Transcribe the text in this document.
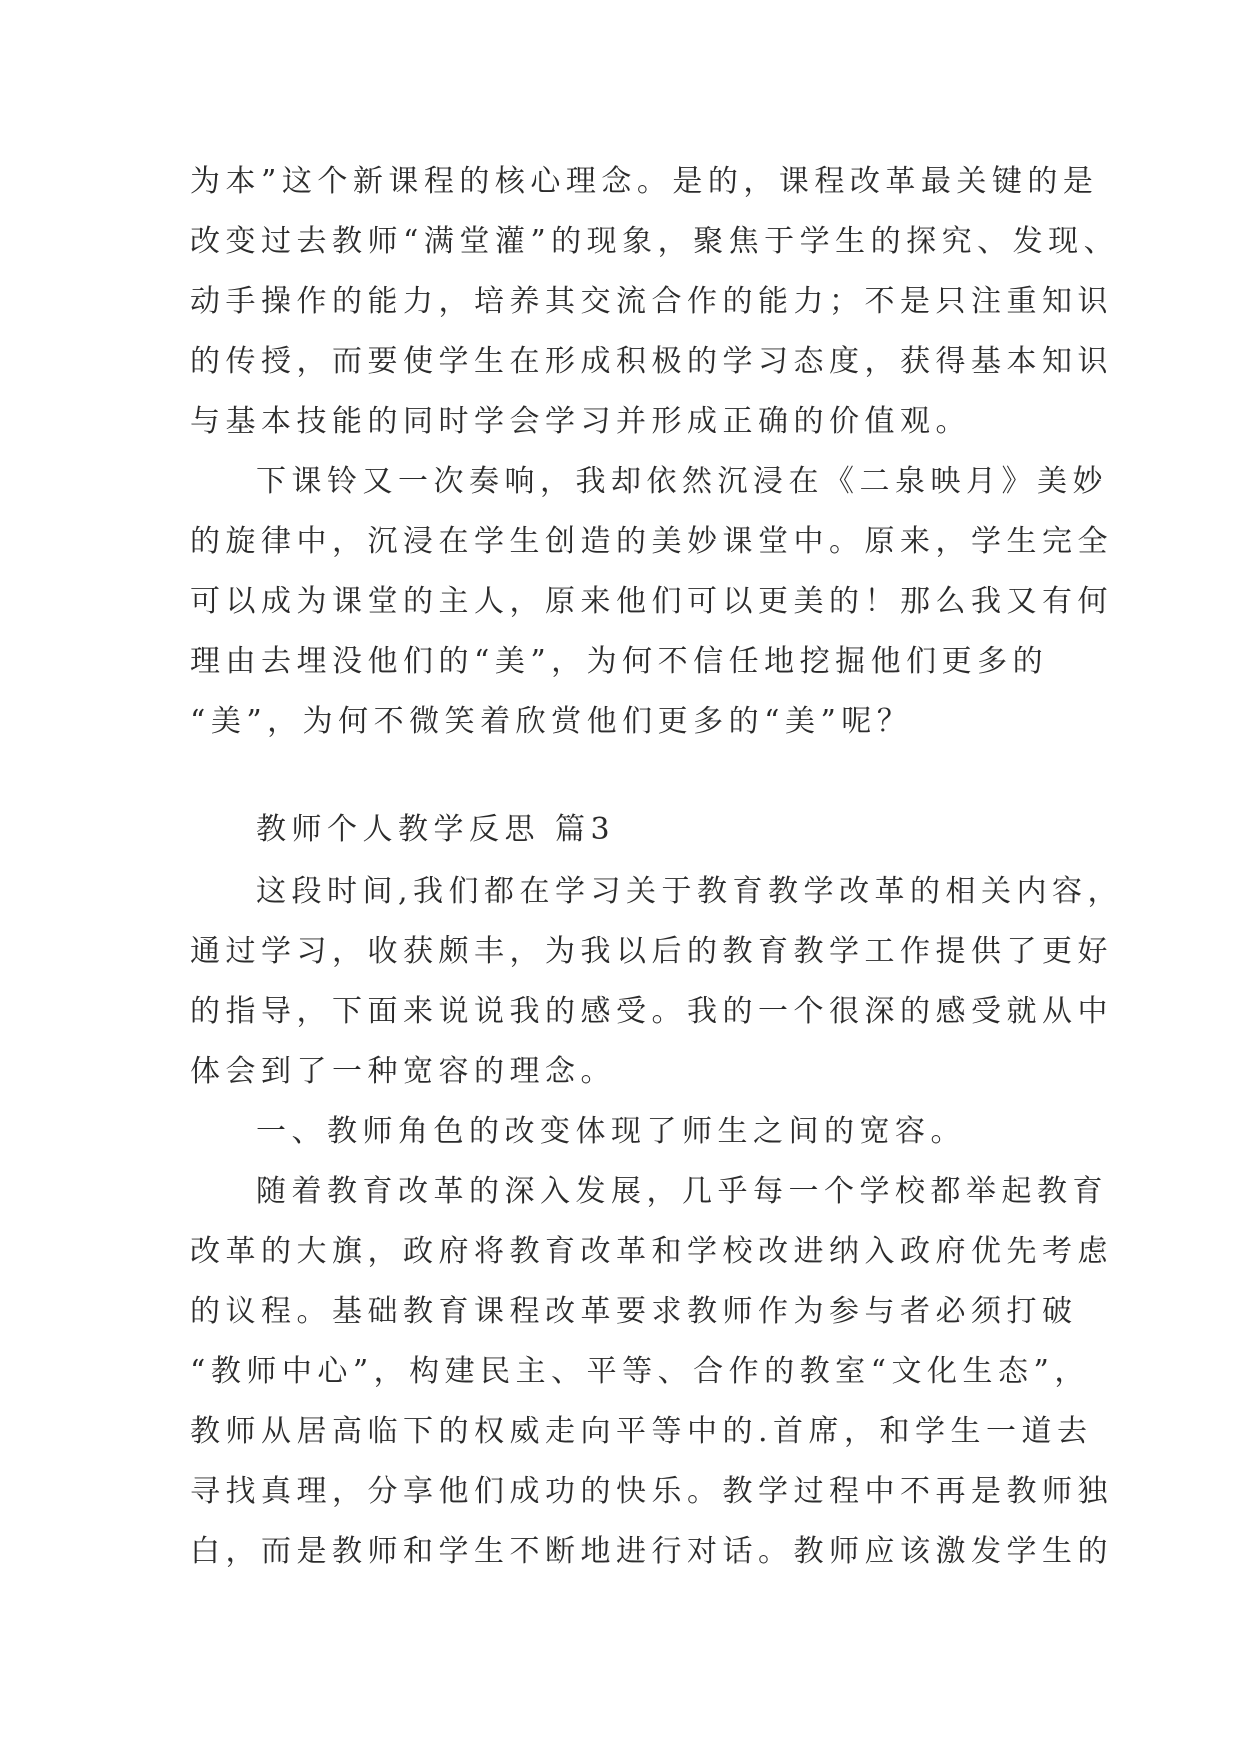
为本”这个新课程的核心理念。是的，课程改革最关键的是
改变过去教师“满堂灌”的现象，聚焦于学生的探究、发现、
动手操作的能力，培养其交流合作的能力；不是只注重知识
的传授，而要使学生在形成积极的学习态度，获得基本知识
与基本技能的同时学会学习并形成正确的价值观。
下课铃又一次奏响，我却依然沉浸在《二泉映月》美妙
的旋律中，沉浸在学生创造的美妙课堂中。原来，学生完全
可以成为课堂的主人，原来他们可以更美的！那么我又有何
理由去埋没他们的“美”，为何不信任地挖掘他们更多的
“美”，为何不微笑着欣赏他们更多的“美”呢？
教师个人教学反思 篇3
这段时间,我们都在学习关于教育教学改革的相关内容，
通过学习，收获颇丰，为我以后的教育教学工作提供了更好
的指导，下面来说说我的感受。我的一个很深的感受就从中
体会到了一种宽容的理念。
一、教师角色的改变体现了师生之间的宽容。
随着教育改革的深入发展，几乎每一个学校都举起教育
改革的大旗，政府将教育改革和学校改进纳入政府优先考虑
的议程。基础教育课程改革要求教师作为参与者必须打破
“教师中心”，构建民主、平等、合作的教室“文化生态”，
教师从居高临下的权威走向平等中的.首席，和学生一道去
寻找真理，分享他们成功的快乐。教学过程中不再是教师独
白，而是教师和学生不断地进行对话。教师应该激发学生的
